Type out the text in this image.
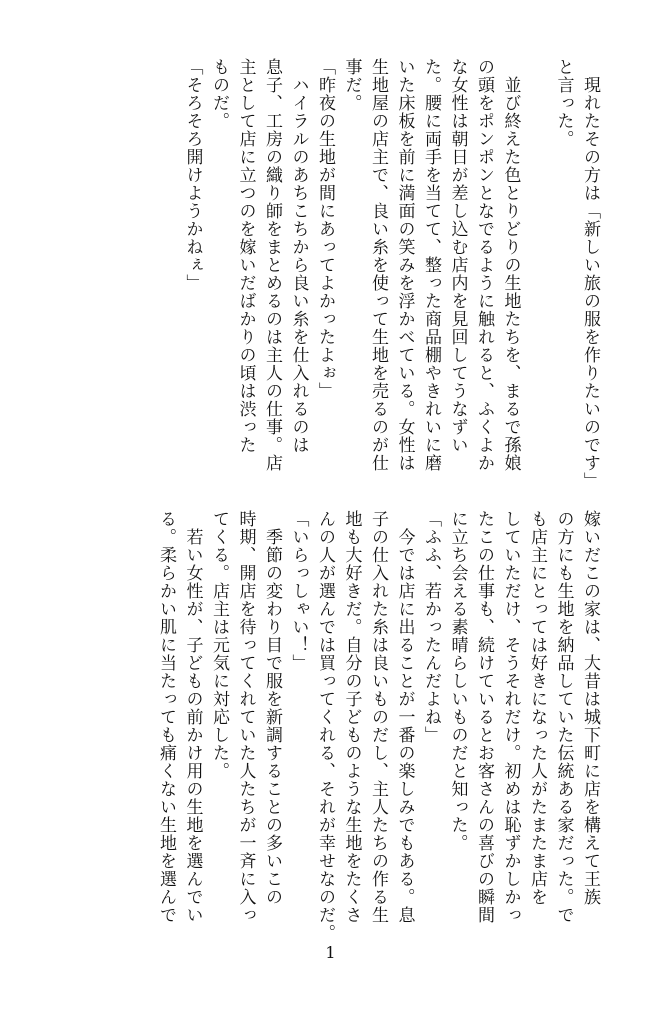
　現れたその方は「新しい旅の服を作りたいのです」
と言った。
　並び終えた色とりどりの生地たちを、まるで孫娘
の頭をポンポンとなでるように触れると、ふくよか
な女性は朝日が差し込む店内を見回してうなずい
た。腰に両手を当てて、整った商品棚やきれいに磨
いた床板を前に満面の笑みを浮かべている。女性は
生地屋の店主で、良い糸を使って生地を売るのが仕
事だ。
「昨夜の生地が間にあってよかったよぉ」
　ハイラルのあちこちから良い糸を仕入れるのは
息子、工房の織り師をまとめるのは主人の仕事。店
主として店に立つのを嫁いだばかりの頃は渋った
ものだ。
「そろそろ開けようかねぇ」
嫁いだこの家は、大昔は城下町に店を構えて王族
の方にも生地を納品していた伝統ある家だった。で
も店主にとっては好きになった人がたまたま店を
していただけ、そうそれだけ。初めは恥ずかしかっ
たこの仕事も、続けているとお客さんの喜びの瞬間
に立ち会える素晴らしいものだと知った。
「ふふ、若かったんだよね」
　今では店に出ることが一番の楽しみでもある。息
子の仕入れた糸は良いものだし、主人たちの作る生
地も大好きだ。自分の子どものような生地をたくさ
んの人が選んでは買ってくれる、それが幸せなのだ。
「いらっしゃい！」
　季節の変わり目で服を新調することの多いこの
時期、開店を待ってくれていた人たちが一斉に入っ
てくる。店主は元気に対応した。
　若い女性が、子どもの前かけ用の生地を選んでい
る。柔らかい肌に当たっても痛くない生地を選んで
1
